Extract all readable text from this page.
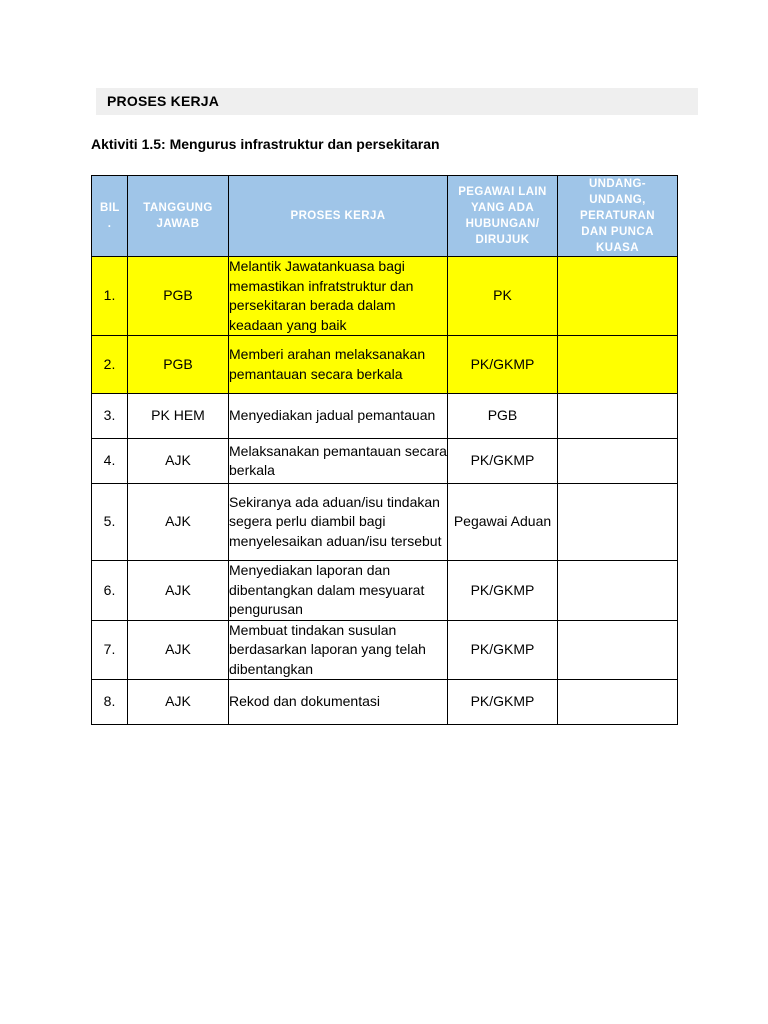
PROSES KERJA
Aktiviti 1.5: Mengurus infrastruktur dan persekitaran
BIL .	TANGGUNG JAWAB	PROSES KERJA	PEGAWAI LAIN YANG ADA HUBUNGAN/ DIRUJUK	UNDANG-UNDANG, PERATURAN DAN PUNCA KUASA
1.	PGB	Melantik Jawatankuasa bagi memastikan infratstruktur dan persekitaran berada dalam keadaan yang baik	PK	
2.	PGB	Memberi arahan melaksanakan pemantauan secara berkala	PK/GKMP	
3.	PK HEM	Menyediakan jadual pemantauan	PGB	
4.	AJK	Melaksanakan pemantauan secara berkala	PK/GKMP	
5.	AJK	Sekiranya ada aduan/isu tindakan segera perlu diambil bagi menyelesaikan aduan/isu tersebut	Pegawai Aduan	
6.	AJK	Menyediakan laporan dan dibentangkan dalam mesyuarat pengurusan	PK/GKMP	
7.	AJK	Membuat tindakan susulan berdasarkan laporan yang telah dibentangkan	PK/GKMP	
8.	AJK	Rekod dan dokumentasi	PK/GKMP	
